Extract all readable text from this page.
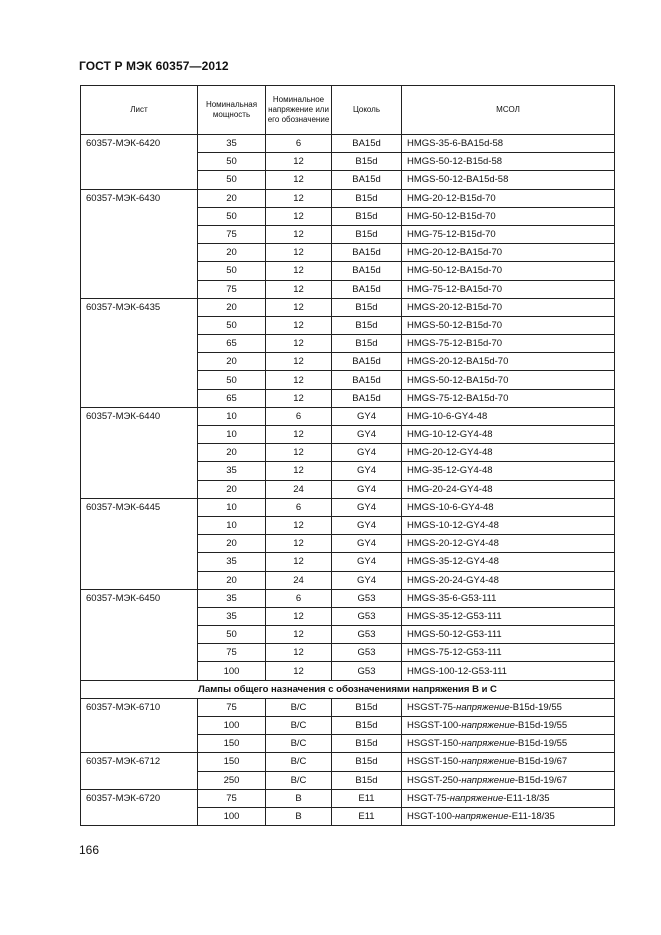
ГОСТ Р МЭК 60357—2012
Лист	Номинальная мощность	Номинальное напряжение или его обозначение	Цоколь	МСОЛ
60357-МЭК-6420	35	6	BA15d	HMGS-35-6-BA15d-58
	50	12	B15d	HMGS-50-12-B15d-58
	50	12	BA15d	HMGS-50-12-BA15d-58
60357-МЭК-6430	20	12	B15d	HMG-20-12-B15d-70
	50	12	B15d	HMG-50-12-B15d-70
	75	12	B15d	HMG-75-12-B15d-70
	20	12	BA15d	HMG-20-12-BA15d-70
	50	12	BA15d	HMG-50-12-BA15d-70
	75	12	BA15d	HMG-75-12-BA15d-70
60357-МЭК-6435	20	12	B15d	HMGS-20-12-B15d-70
	50	12	B15d	HMGS-50-12-B15d-70
	65	12	B15d	HMGS-75-12-B15d-70
	20	12	BA15d	HMGS-20-12-BA15d-70
	50	12	BA15d	HMGS-50-12-BA15d-70
	65	12	BA15d	HMGS-75-12-BA15d-70
60357-МЭК-6440	10	6	GY4	HMG-10-6-GY4-48
	10	12	GY4	HMG-10-12-GY4-48
	20	12	GY4	HMG-20-12-GY4-48
	35	12	GY4	HMG-35-12-GY4-48
	20	24	GY4	HMG-20-24-GY4-48
60357-МЭК-6445	10	6	GY4	HMGS-10-6-GY4-48
	10	12	GY4	HMGS-10-12-GY4-48
	20	12	GY4	HMGS-20-12-GY4-48
	35	12	GY4	HMGS-35-12-GY4-48
	20	24	GY4	HMGS-20-24-GY4-48
60357-МЭК-6450	35	6	G53	HMGS-35-6-G53-111
	35	12	G53	HMGS-35-12-G53-111
	50	12	G53	HMGS-50-12-G53-111
	75	12	G53	HMGS-75-12-G53-111
	100	12	G53	HMGS-100-12-G53-111
Лампы общего назначения с обозначениями напряжения B и C				
60357-МЭК-6710	75	B/C	B15d	HSGST-75-напряжение-B15d-19/55
	100	B/C	B15d	HSGST-100-напряжение-B15d-19/55
	150	B/C	B15d	HSGST-150-напряжение-B15d-19/55
60357-МЭК-6712	150	B/C	B15d	HSGST-150-напряжение-B15d-19/67
	250	B/C	B15d	HSGST-250-напряжение-B15d-19/67
60357-МЭК-6720	75	B	E11	HSGT-75-напряжение-E11-18/35
	100	B	E11	HSGT-100-напряжение-E11-18/35
166
